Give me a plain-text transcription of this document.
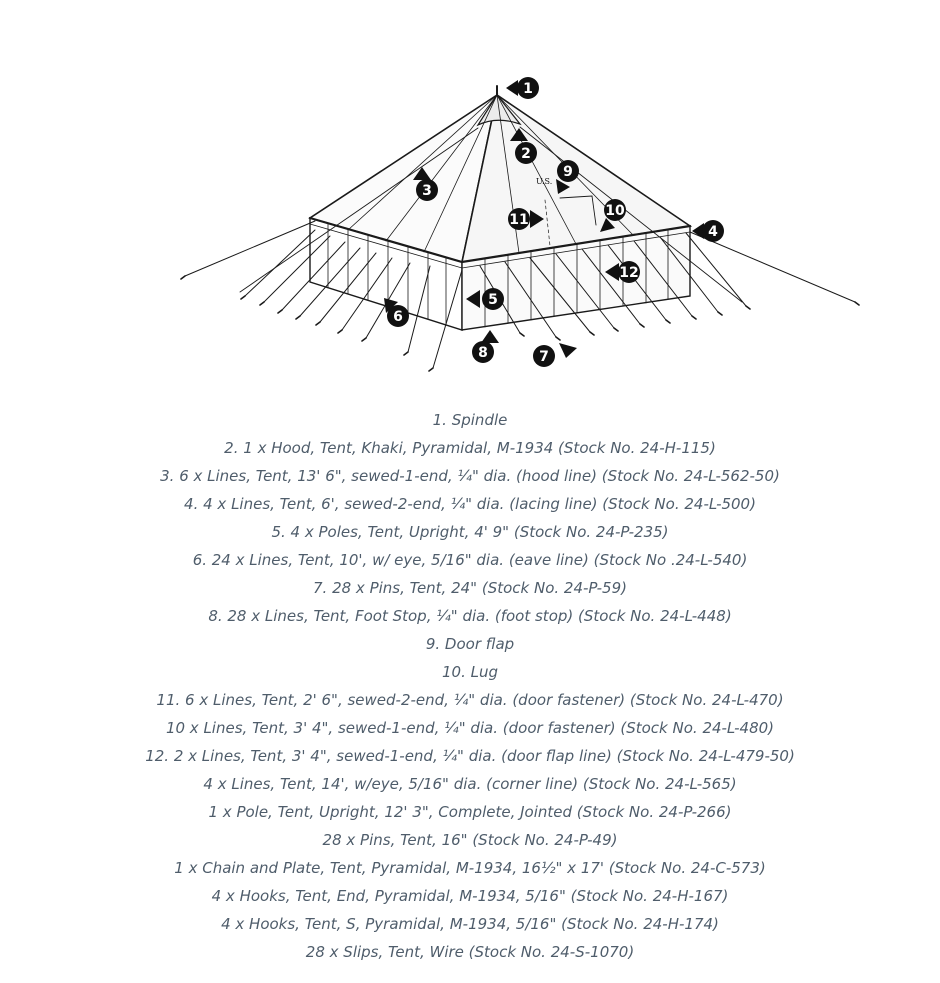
1
2
3
4
5
6
7
8
9
10
11
12
U.S.
1. Spindle
2. 1 x Hood, Tent, Khaki, Pyramidal, M-1934 (Stock No. 24-H-115)
3. 6 x Lines, Tent, 13' 6", sewed-1-end, ¼" dia. (hood line) (Stock No. 24-L-562-50)
4. 4 x Lines, Tent, 6', sewed-2-end, ¼" dia. (lacing line) (Stock No. 24-L-500)
5. 4 x Poles, Tent, Upright, 4' 9" (Stock No. 24-P-235)
6. 24 x Lines, Tent, 10', w/ eye, 5/16" dia. (eave line) (Stock No .24-L-540)
7. 28 x Pins, Tent, 24" (Stock No. 24-P-59)
8. 28 x Lines, Tent, Foot Stop, ¼" dia. (foot stop) (Stock No. 24-L-448)
9. Door flap
10. Lug
11. 6 x Lines, Tent, 2' 6", sewed-2-end, ¼" dia. (door fastener) (Stock No. 24-L-470)
10 x Lines, Tent, 3' 4", sewed-1-end, ¼" dia. (door fastener) (Stock No. 24-L-480)
12. 2 x Lines, Tent, 3' 4", sewed-1-end, ¼" dia. (door flap line) (Stock No. 24-L-479-50)
4 x Lines, Tent, 14', w/eye, 5/16" dia. (corner line) (Stock No. 24-L-565)
1 x Pole, Tent, Upright, 12' 3", Complete, Jointed (Stock No. 24-P-266)
28 x Pins, Tent, 16" (Stock No. 24-P-49)
1 x Chain and Plate, Tent, Pyramidal, M-1934, 16½" x 17' (Stock No. 24-C-573)
4 x Hooks, Tent, End, Pyramidal, M-1934, 5/16" (Stock No. 24-H-167)
4 x Hooks, Tent, S, Pyramidal, M-1934, 5/16" (Stock No. 24-H-174)
28 x Slips, Tent, Wire (Stock No. 24-S-1070)
